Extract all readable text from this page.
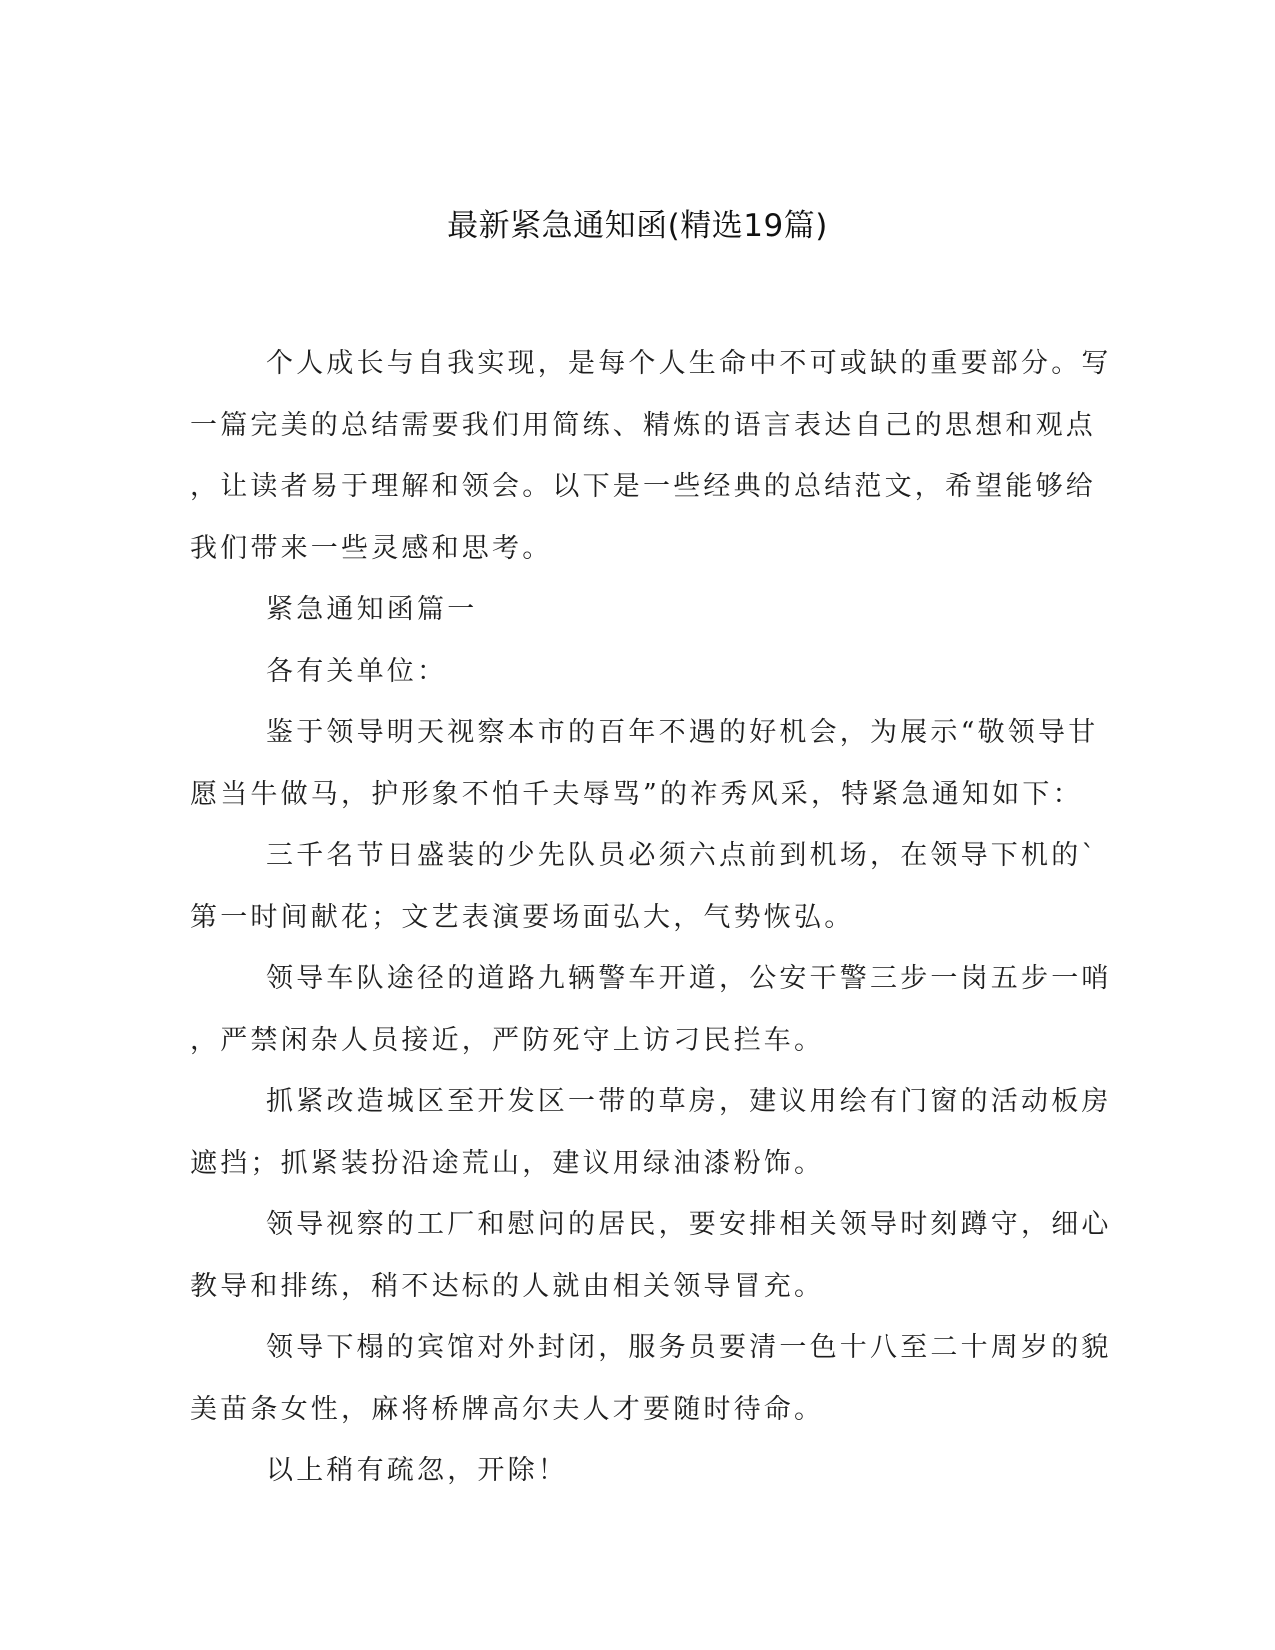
最新紧急通知函(精选19篇)
个人成长与自我实现，是每个人生命中不可或缺的重要部分。写
一篇完美的总结需要我们用简练、精炼的语言表达自己的思想和观点
，让读者易于理解和领会。以下是一些经典的总结范文，希望能够给
我们带来一些灵感和思考。
紧急通知函篇一
各有关单位：
鉴于领导明天视察本市的百年不遇的好机会，为展示“敬领导甘
愿当牛做马，护形象不怕千夫辱骂”的祚秀风采，特紧急通知如下：
三千名节日盛装的少先队员必须六点前到机场，在领导下机的`
第一时间献花；文艺表演要场面弘大，气势恢弘。
领导车队途径的道路九辆警车开道，公安干警三步一岗五步一哨
，严禁闲杂人员接近，严防死守上访刁民拦车。
抓紧改造城区至开发区一带的草房，建议用绘有门窗的活动板房
遮挡；抓紧装扮沿途荒山，建议用绿油漆粉饰。
领导视察的工厂和慰问的居民，要安排相关领导时刻蹲守，细心
教导和排练，稍不达标的人就由相关领导冒充。
领导下榻的宾馆对外封闭，服务员要清一色十八至二十周岁的貌
美苗条女性，麻将桥牌高尔夫人才要随时待命。
以上稍有疏忽，开除！
